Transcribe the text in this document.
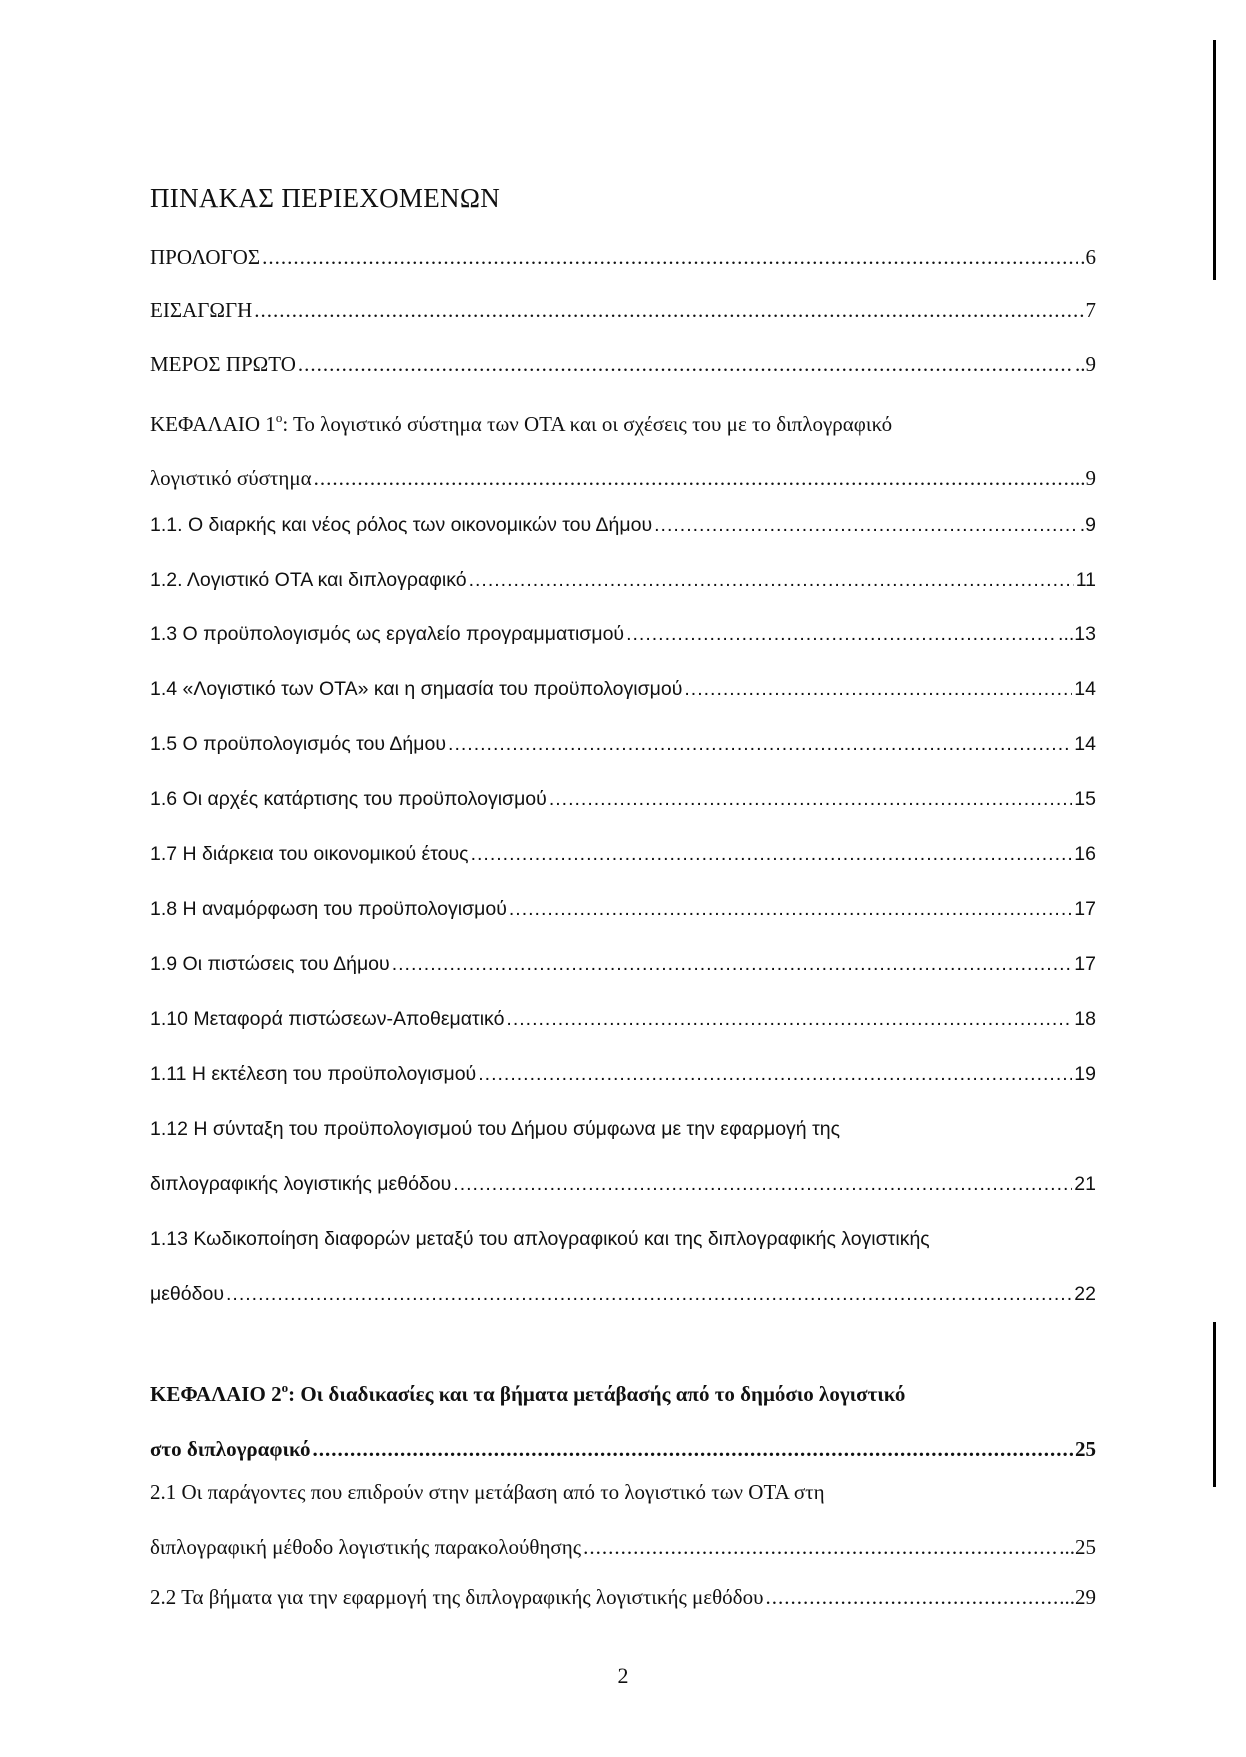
ΠΙΝΑΚΑΣ ΠΕΡΙΕΧΟΜΕΝΩΝ
ΠΡΟΛΟΓΟΣ .....	.6
ΕΙΣΑΓΩΓΗ .....	7
ΜΕΡΟΣ ΠΡΩΤΟ .....	..9
ΚΕΦΑΛΑΙΟ $1^o$: Το λογιστικό σύστημα των ΟΤΑ και οι σχέσεις του με το διπλογραφικό
λογιστικό σύστημα .....	...9
1.1. Ο διαρκής και νέος ρόλος των οικονομικών του Δήμου .....	.9
1.2. Λογιστικό ΟΤΑ και διπλογραφικό .....	11
1.3 Ο προϋπολογισμός ως εργαλείο προγραμματισμού .....	...13
1.4 «Λογιστικό των ΟΤΑ» και η σημασία του προϋπολογισμού .....	14
1.5 Ο προϋπολογισμός του Δήμου .....	14
1.6 Οι αρχές κατάρτισης του προϋπολογισμού .....	15
1.7 Η διάρκεια του οικονομικού έτους .....	16
1.8 Η αναμόρφωση του προϋπολογισμού .....	17
1.9 Οι πιστώσεις του Δήμου .....	17
1.10 Μεταφορά πιστώσεων-Αποθεματικό .....	18
1.11 Η εκτέλεση του προϋπολογισμού .....	19
1.12 Η σύνταξη του προϋπολογισμού του Δήμου σύμφωνα με την εφαρμογή της
διπλογραφικής λογιστικής μεθόδου .....	21
1.13 Κωδικοποίηση διαφορών μεταξύ του απλογραφικού και της διπλογραφικής λογιστικής
μεθόδου .....	22
ΚΕΦΑΛΑΙΟ $2^o$: Οι διαδικασίες και τα βήματα μετάβασής από το δημόσιο λογιστικό
στο διπλογραφικό .....	25
2.1 Οι παράγοντες που επιδρούν στην μετάβαση από το λογιστικό των ΟΤΑ στη
διπλογραφική μέθοδο λογιστικής παρακολούθησης .....	...25
2.2 Τα βήματα για την εφαρμογή της διπλογραφικής λογιστικής μεθόδου .....	..29
2
